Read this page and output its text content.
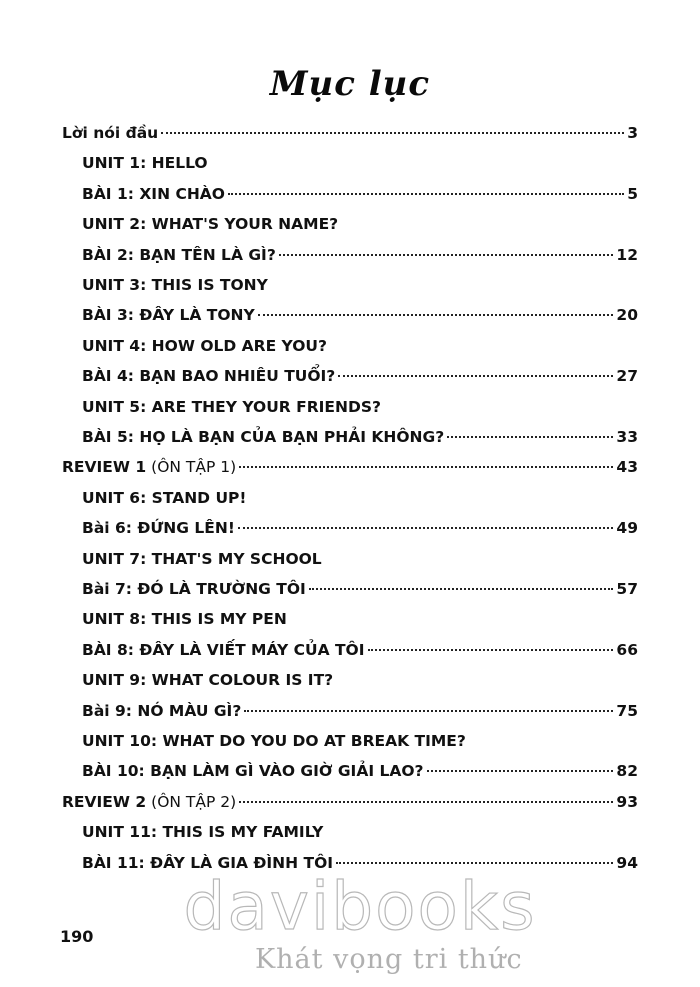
Mục lục
Lời nói đầu	3
UNIT 1: HELLO
BÀI 1: XIN CHÀO	5
UNIT 2: WHAT'S YOUR NAME?
BÀI 2: BẠN TÊN LÀ GÌ?	12
UNIT 3: THIS IS TONY
BÀI 3: ĐÂY LÀ TONY	20
UNIT 4: HOW OLD ARE YOU?
BÀI 4: BẠN BAO NHIÊU TUỔI?	27
UNIT 5: ARE THEY YOUR FRIENDS?
BÀI 5: HỌ LÀ BẠN CỦA BẠN PHẢI KHÔNG?	33
REVIEW 1 (ÔN TẬP 1)	43
UNIT 6: STAND UP!
Bài 6: ĐỨNG LÊN!	49
UNIT 7: THAT'S MY SCHOOL
Bài 7: ĐÓ LÀ TRƯỜNG TÔI	57
UNIT 8: THIS IS MY PEN
BÀI 8: ĐÂY LÀ VIẾT MÁY CỦA TÔI	66
UNIT 9: WHAT COLOUR IS IT?
Bài 9: NÓ MÀU GÌ?	75
UNIT 10: WHAT DO YOU DO AT BREAK TIME?
BÀI 10: BẠN LÀM GÌ VÀO GIỜ GIẢI LAO?	82
REVIEW 2 (ÔN TẬP 2)	93
UNIT 11: THIS IS MY FAMILY
BÀI 11: ĐÂY LÀ GIA ĐÌNH TÔI	94
190	davibooks
Khát vọng tri thức
